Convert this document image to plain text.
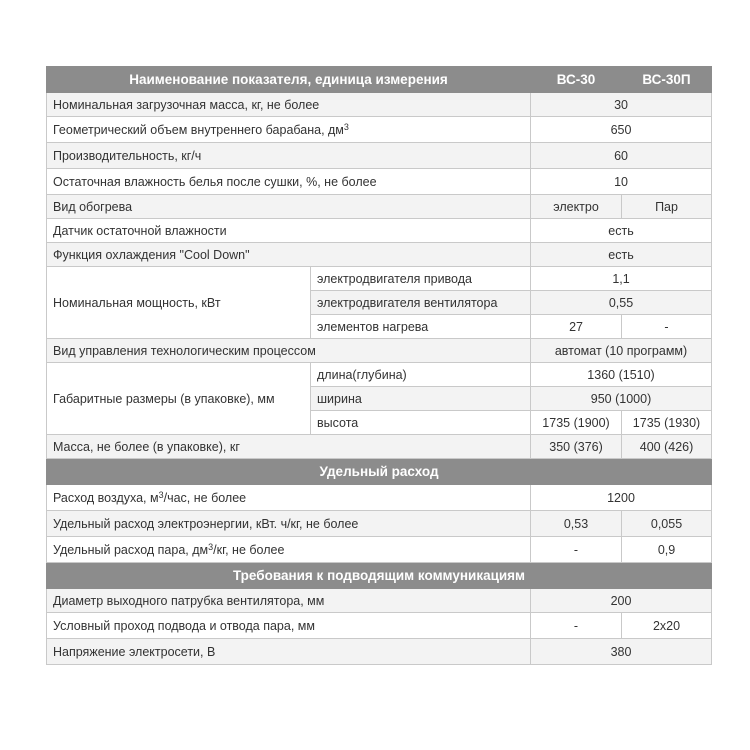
Наименование показателя, единица измерения		ВС-30	ВС-30П
Номинальная загрузочная масса, кг, не более		30	
Геометрический объем внутреннего барабана, $дм^3$		650	
Производительность, кг/ч		60	
Остаточная влажность белья после сушки, %, не более		10	
Вид обогрева		электро	Пар
Датчик остаточной влажности		есть	
Функция охлаждения "Cool Down"		есть	
Номинальная мощность, кВт	электродвигателя привода	1,1	
	электродвигателя вентилятора	0,55	
	элементов нагрева	27	-
Вид управления технологическим процессом		автомат (10 программ)	
Габаритные размеры (в упаковке), мм	длина(глубина)	1360 (1510)	
	ширина	950 (1000)	
	высота	1735 (1900)	1735 (1930)
Масса, не более (в упаковке), кг		350 (376)	400 (426)
Удельный расход			
Расход воздуха, $м^3$/час, не более		1200	
Удельный расход электроэнергии, кВт. ч/кг, не более		0,53	0,055
Удельный расход пара, $дм^3/кг$, не более		-	0,9
Требования к подводящим коммуникациям			
Диаметр выходного патрубка вентилятора, мм		200	
Условный проход подвода и отвода пара, мм		-	2х20
Напряжение электросети, В		380	
